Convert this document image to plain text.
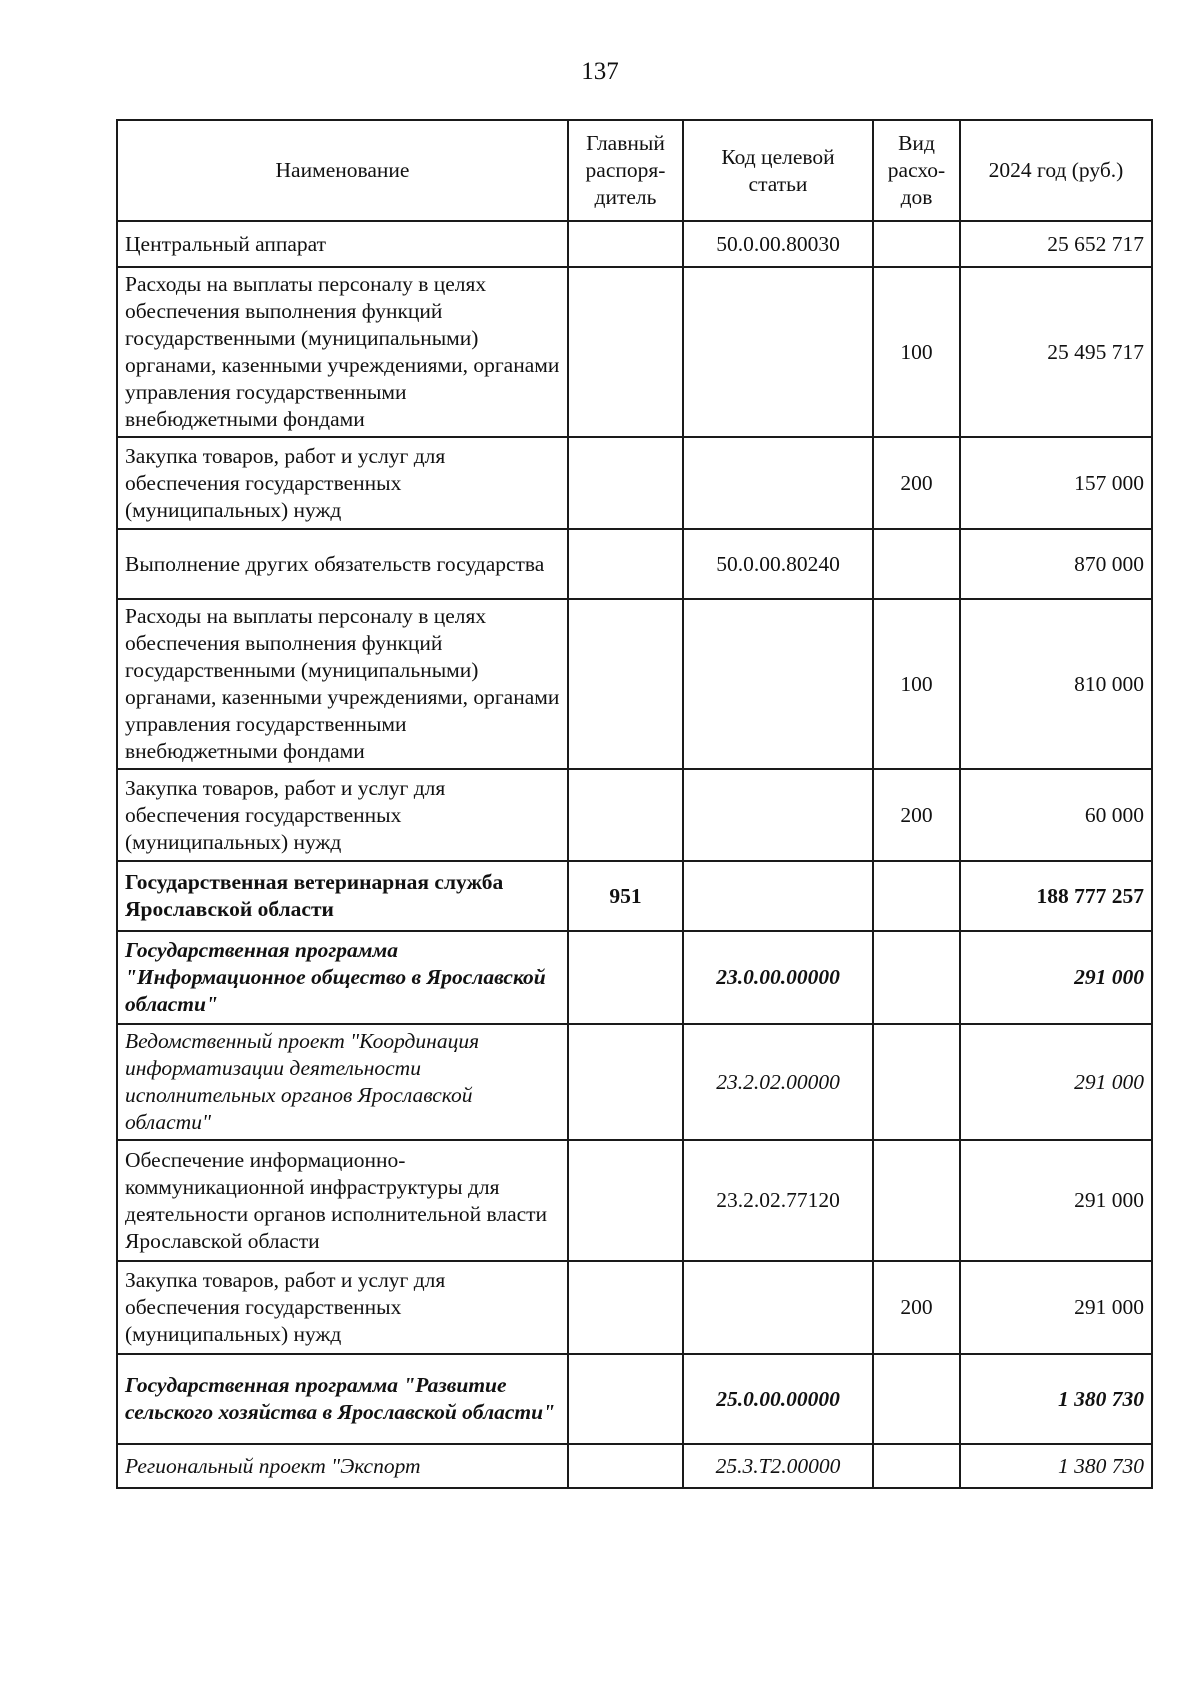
137
Наименование	Главный распоря-дитель	Код целевой статьи	Вид расхо-дов	2024 год (руб.)
Центральный аппарат		50.0.00.80030		25 652 717
Расходы на выплаты персоналу в целях обеспечения выполнения функций государственными (муниципальными) органами, казенными учреждениями, органами управления государственными внебюджетными фондами			100	25 495 717
Закупка товаров, работ и услуг для обеспечения государственных (муниципальных) нужд			200	157 000
Выполнение других обязательств государства		50.0.00.80240		870 000
Расходы на выплаты персоналу в целях обеспечения выполнения функций государственными (муниципальными) органами, казенными учреждениями, органами управления государственными внебюджетными фондами			100	810 000
Закупка товаров, работ и услуг для обеспечения государственных (муниципальных) нужд			200	60 000
Государственная ветеринарная служба Ярославской области	951			188 777 257
Государственная программа "Информационное общество в Ярославской области"		23.0.00.00000		291 000
Ведомственный проект "Координация информатизации деятельности исполнительных органов Ярославской области"		23.2.02.00000		291 000
Обеспечение информационно-коммуникационной инфраструктуры для деятельности органов исполнительной власти Ярославской области		23.2.02.77120		291 000
Закупка товаров, работ и услуг для обеспечения государственных (муниципальных) нужд			200	291 000
Государственная программа "Развитие сельского хозяйства в Ярославской области"		25.0.00.00000		1 380 730
Региональный проект "Экспорт		25.3.Т2.00000		1 380 730
